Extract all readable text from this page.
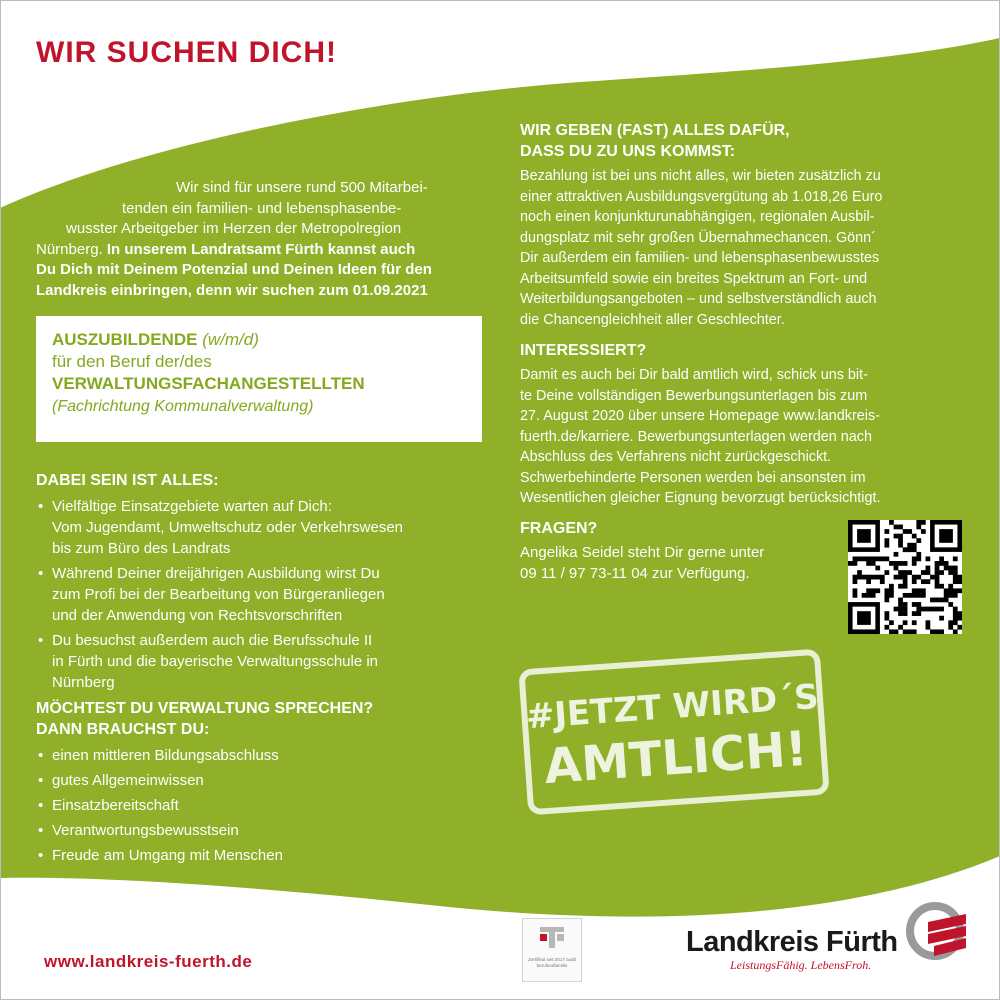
WIR SUCHEN DICH!
Wir sind für unsere rund 500 Mitarbei-
tenden ein familien- und lebensphasenbe-
wusster Arbeitgeber im Herzen der Metropolregion
Nürnberg. In unserem Landratsamt Fürth kannst auch
Du Dich mit Deinem Potenzial und Deinen Ideen für den
Landkreis einbringen, denn wir suchen zum 01.09.2021
AUSZUBILDENDE (w/m/d)
für den Beruf der/des
VERWALTUNGSFACHANGESTELLTEN
(Fachrichtung Kommunalverwaltung)
DABEI SEIN IST ALLES:
• Vielfältige Einsatzgebiete warten auf Dich:
Vom Jugendamt, Umweltschutz oder Verkehrswesen
bis zum Büro des Landrats
• Während Deiner dreijährigen Ausbildung wirst Du
zum Profi bei der Bearbeitung von Bürgeranliegen
und der Anwendung von Rechtsvorschriften
• Du besuchst außerdem auch die Berufsschule II
in Fürth und die bayerische Verwaltungsschule in
Nürnberg
MÖCHTEST DU VERWALTUNG SPRECHEN?
DANN BRAUCHST DU:
• einen mittleren Bildungsabschluss
• gutes Allgemeinwissen
• Einsatzbereitschaft
• Verantwortungsbewusstsein
• Freude am Umgang mit Menschen
WIR GEBEN (FAST) ALLES DAFÜR,
DASS DU ZU UNS KOMMST:
Bezahlung ist bei uns nicht alles, wir bieten zusätzlich zu
einer attraktiven Ausbildungsvergütung ab 1.018,26 Euro
noch einen konjunkturunabhängigen, regionalen Ausbil-
dungsplatz mit sehr großen Übernahmechancen. Gönn´
Dir außerdem ein familien- und lebensphasenbewusstes
Arbeitsumfeld sowie ein breites Spektrum an Fort- und
Weiterbildungsangeboten – und selbstverständlich auch
die Chancengleichheit aller Geschlechter.
INTERESSIERT?
Damit es auch bei Dir bald amtlich wird, schick uns bit-
te Deine vollständigen Bewerbungsunterlagen bis zum
27. August 2020 über unsere Homepage www.landkreis-
fuerth.de/karriere. Bewerbungsunterlagen werden nach
Abschluss des Verfahrens nicht zurückgeschickt.
Schwerbehinderte Personen werden bei ansonsten im
Wesentlichen gleicher Eignung bevorzugt berücksichtigt.
FRAGEN?
Angelika Seidel steht Dir gerne unter
09 11 / 97 73-11 04 zur Verfügung.
#JETZT WIRD´S
AMTLICH!
www.landkreis-fuerth.de	Zertifikat seit 2017 audit berufundfamilie
Landkreis Fürth
LeistungsFähig. LebensFroh.
